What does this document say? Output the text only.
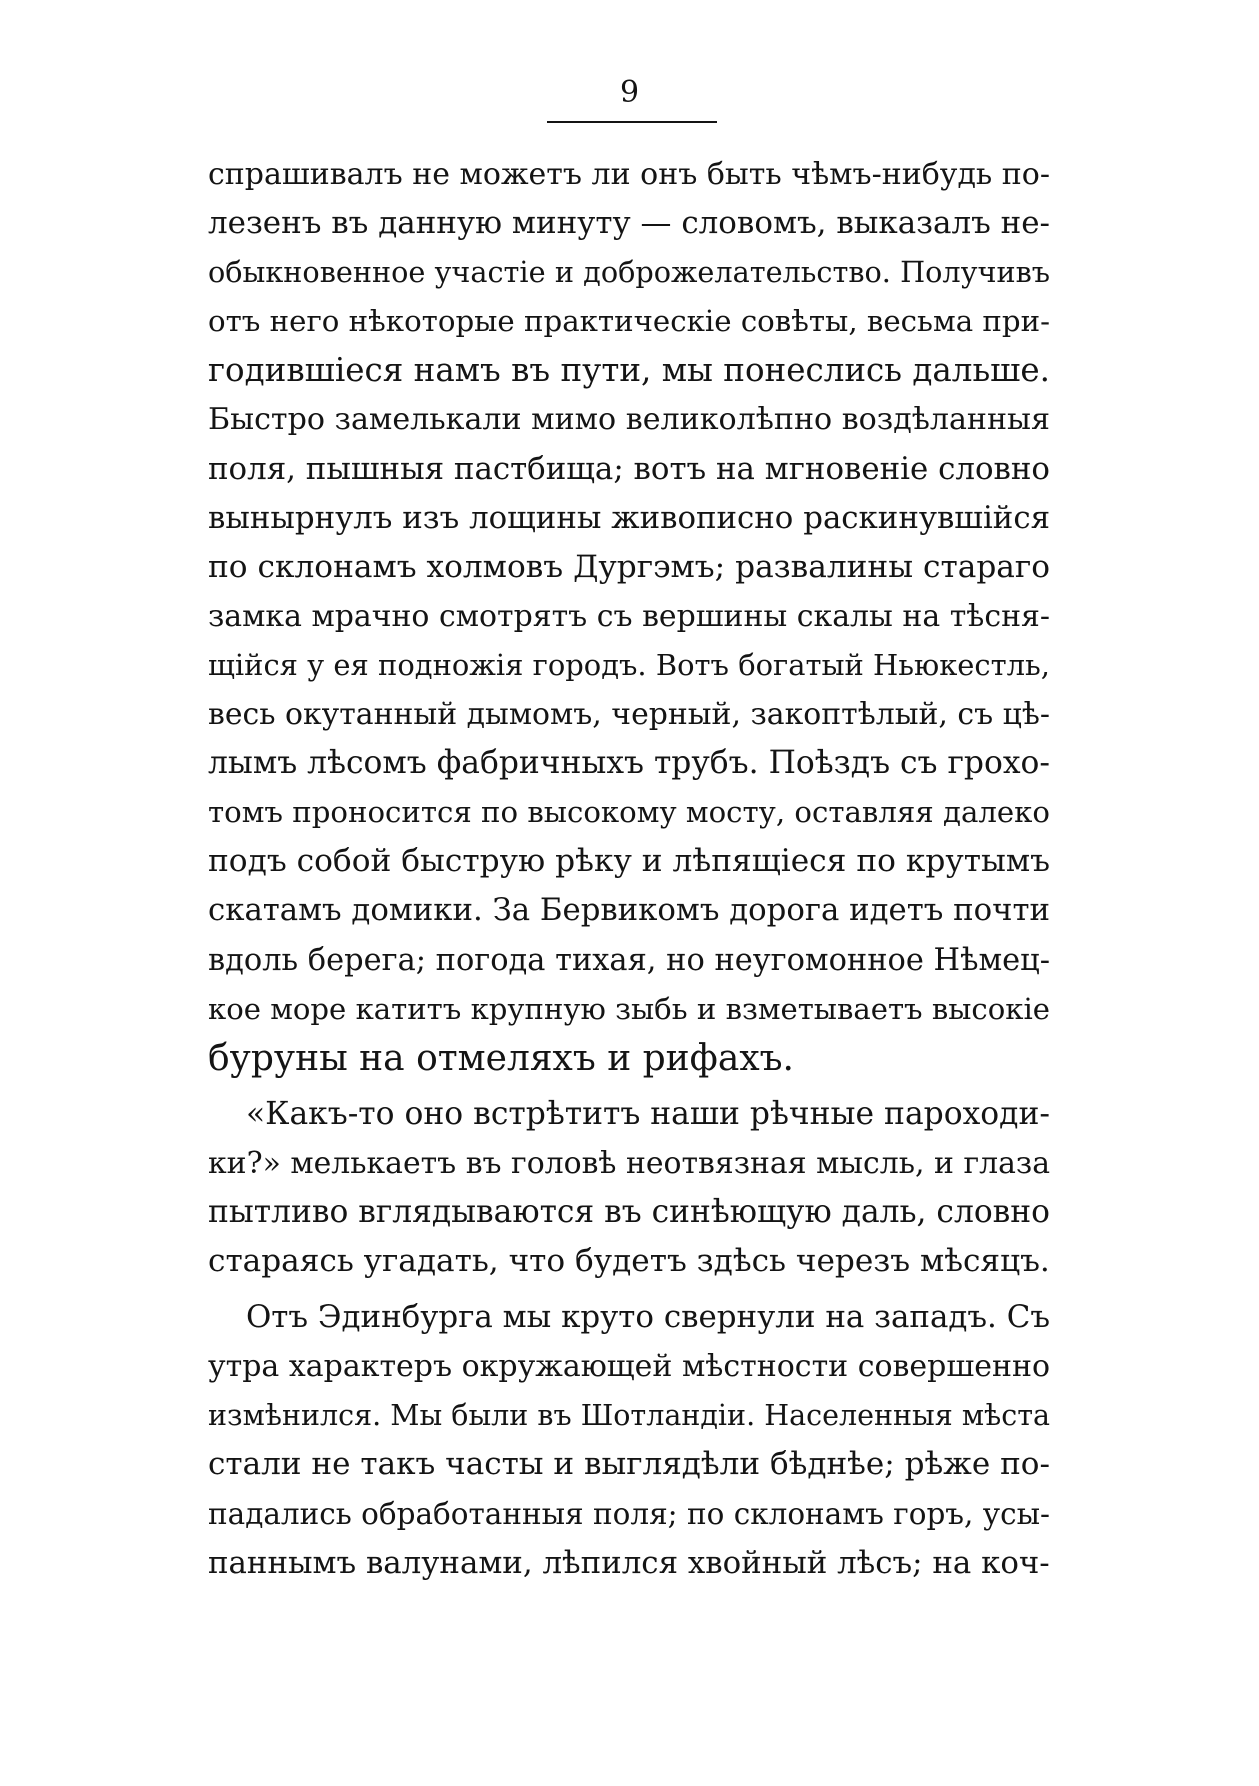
9
спрашивалъ не можетъ ли онъ быть чѣмъ-нибудь по-
лезенъ въ данную минуту — словомъ, выказалъ не-
обыкновенное участіе и доброжелательство. Получивъ
отъ него нѣкоторые практическіе совѣты, весьма при-
годившіеся намъ въ пути, мы понеслись дальше.
Быстро замелькали мимо великолѣпно воздѣланныя
поля, пышныя пастбища; вотъ на мгновеніе словно
вынырнулъ изъ лощины живописно раскинувшійся
по склонамъ холмовъ Дургэмъ; развалины стараго
замка мрачно смотрятъ съ вершины скалы на тѣсня-
щійся у ея подножія городъ. Вотъ богатый Ньюкестль,
весь окутанный дымомъ, черный, закоптѣлый, съ цѣ-
лымъ лѣсомъ фабричныхъ трубъ. Поѣздъ съ грохо-
томъ проносится по высокому мосту, оставляя далеко
подъ собой быструю рѣку и лѣпящіеся по крутымъ
скатамъ домики. За Бервикомъ дорога идетъ почти
вдоль берега; погода тихая, но неугомонное Нѣмец-
кое море катитъ крупную зыбь и взметываетъ высокіе
буруны на отмеляхъ и рифахъ.
«Какъ-то оно встрѣтитъ наши рѣчные пароходи-
ки?» мелькаетъ въ головѣ неотвязная мысль, и глаза
пытливо вглядываются въ синѣющую даль, словно
стараясь угадать, что будетъ здѣсь черезъ мѣсяцъ.
Отъ Эдинбурга мы круто свернули на западъ. Съ
утра характеръ окружающей мѣстности совершенно
измѣнился. Мы были въ Шотландіи. Населенныя мѣста
стали не такъ часты и выглядѣли бѣднѣе; рѣже по-
падались обработанныя поля; по склонамъ горъ, усы-
паннымъ валунами, лѣпился хвойный лѣсъ; на коч-
